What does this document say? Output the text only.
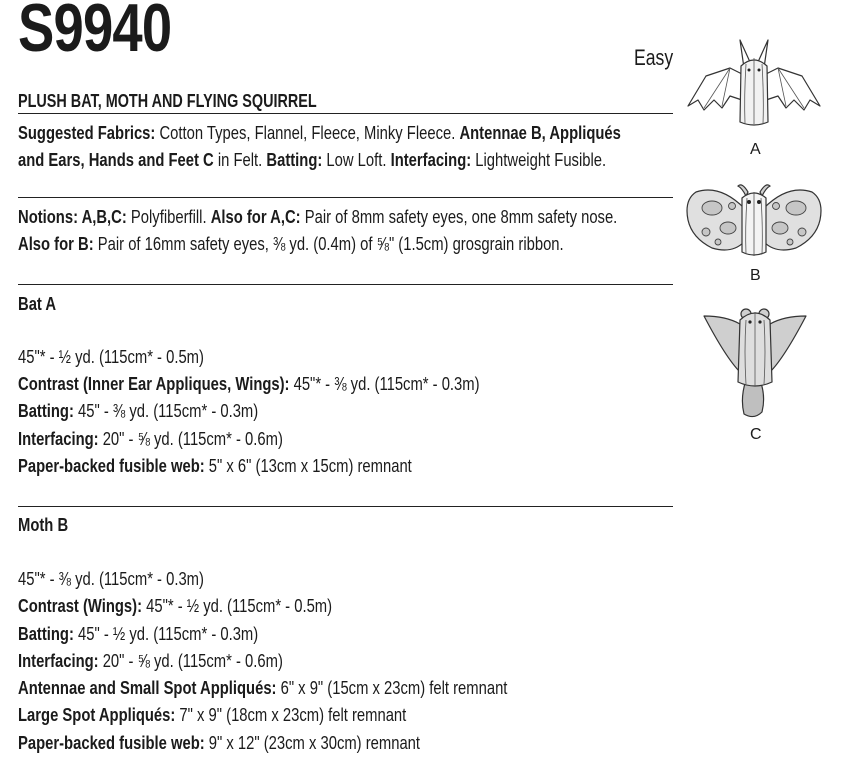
S9940	Easy
PLUSH BAT, MOTH AND FLYING SQUIRREL
Suggested Fabrics: Cotton Types, Flannel, Fleece, Minky Fleece. Antennae B, Appliqués
and Ears, Hands and Feet C in Felt. Batting: Low Loft. Interfacing: Lightweight Fusible.
Notions: A,B,C: Polyfiberfill. Also for A,C: Pair of 8mm safety eyes, one 8mm safety nose.
Also for B: Pair of 16mm safety eyes, ⅜ yd. (0.4m) of ⅝" (1.5cm) grosgrain ribbon.
Bat A
45"* - ½ yd. (115cm* - 0.5m)
Contrast (Inner Ear Appliques, Wings): 45"* - ⅜ yd. (115cm* - 0.3m)
Batting: 45" - ⅜ yd. (115cm* - 0.3m)
Interfacing: 20" - ⅝ yd. (115cm* - 0.6m)
Paper-backed fusible web: 5" x 6" (13cm x 15cm) remnant
Moth B
45"* - ⅜ yd. (115cm* - 0.3m)
Contrast (Wings): 45"* - ½ yd. (115cm* - 0.5m)
Batting: 45" - ½ yd. (115cm* - 0.3m)
Interfacing: 20" - ⅝ yd. (115cm* - 0.6m)
Antennae and Small Spot Appliqués: 6" x 9" (15cm x 23cm) felt remnant
Large Spot Appliqués: 7" x 9" (18cm x 23cm) felt remnant
Paper-backed fusible web: 9" x 12" (23cm x 30cm) remnant
A
B
C
